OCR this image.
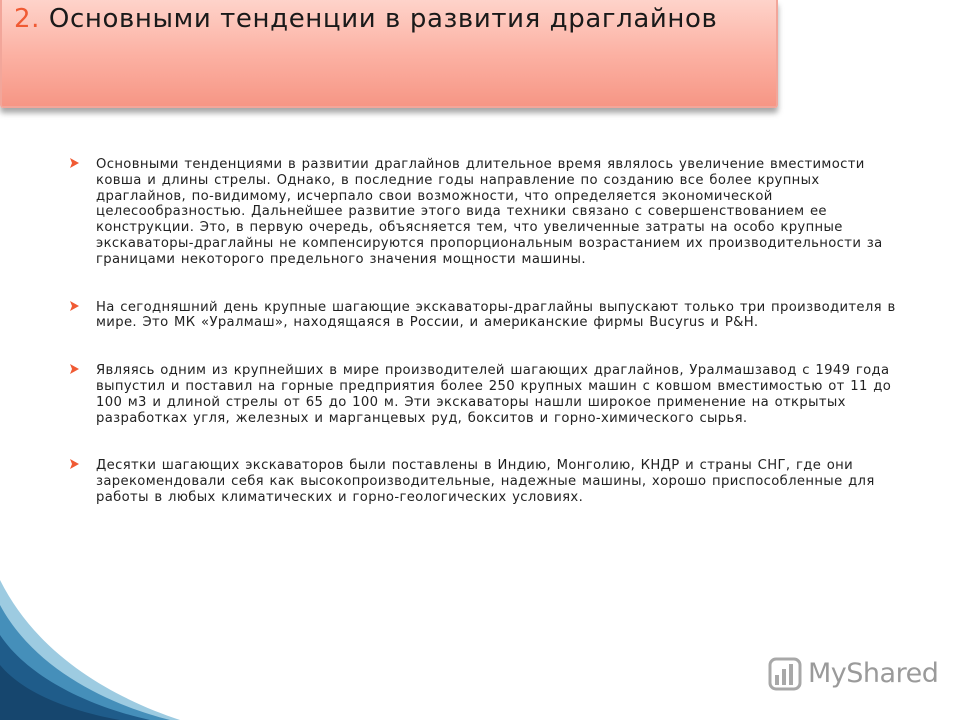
2. Основными тенденции в развития драглайнов

Основными тенденциями в развитии драглайнов длительное время являлось увеличение вместимости ковша и длины стрелы. Однако, в последние годы направление по созданию все более крупных драглайнов, по-видимому, исчерпало свои возможности, что определяется экономической целесообразностью. Дальнейшее развитие этого вида техники связано с совершенствованием ее конструкции. Это, в первую очередь, объясняется тем, что увеличенные затраты на особо крупные экскаваторы-драглайны не компенсируются пропорциональным возрастанием их производительности за границами некоторого предельного значения мощности машины.

На сегодняшний день крупные шагающие экскаваторы-драглайны выпускают только три производителя в мире. Это МК «Уралмаш», находящаяся в России, и американские фирмы Bucyrus и P&H.

Являясь одним из крупнейших в мире производителей шагающих драглайнов, Уралмашзавод с 1949 года выпустил и поставил на горные предприятия более 250 крупных машин с ковшом вместимостью от 11 до 100 м3 и длиной стрелы от 65 до 100 м. Эти экскаваторы нашли широкое применение на открытых разработках угля, железных и марганцевых руд, бокситов и горно-химического сырья.

Десятки шагающих экскаваторов были поставлены в Индию, Монголию, КНДР и страны СНГ, где они зарекомендовали себя как высокопроизводительные, надежные машины, хорошо приспособленные для работы в любых климатических и горно-геологических условиях.

MyShared
